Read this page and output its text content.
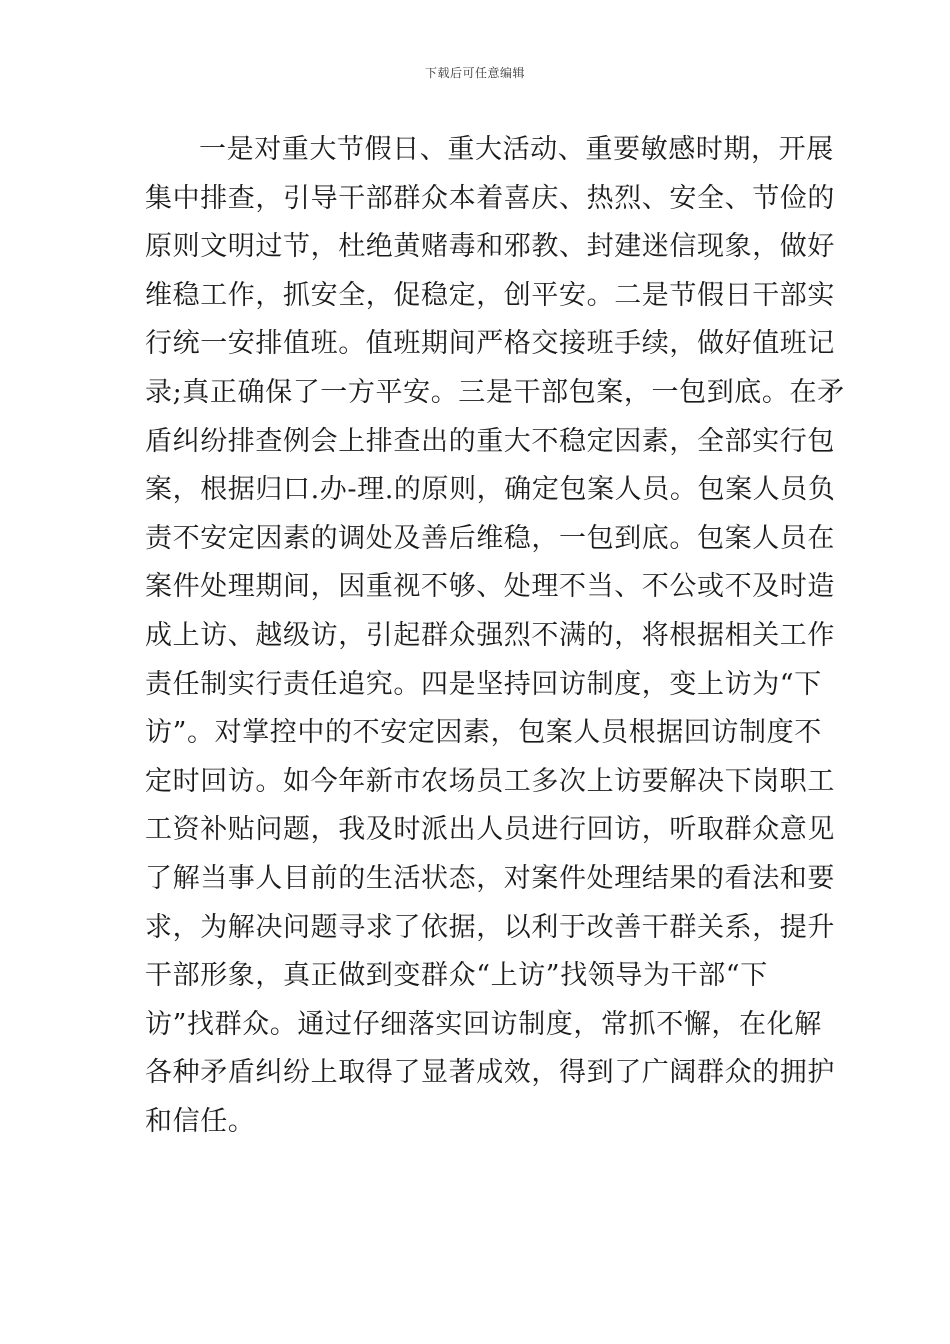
下载后可任意编辑
一是对重大节假日、重大活动、重要敏感时期，开展
集中排查，引导干部群众本着喜庆、热烈、安全、节俭的
原则文明过节，杜绝黄赌毒和邪教、封建迷信现象，做好
维稳工作，抓安全，促稳定，创平安。二是节假日干部实
行统一安排值班。值班期间严格交接班手续，做好值班记
录;真正确保了一方平安。三是干部包案，一包到底。在矛
盾纠纷排查例会上排查出的重大不稳定因素，全部实行包
案，根据归口.办-理.的原则，确定包案人员。包案人员负
责不安定因素的调处及善后维稳，一包到底。包案人员在
案件处理期间，因重视不够、处理不当、不公或不及时造
成上访、越级访，引起群众强烈不满的，将根据相关工作
责任制实行责任追究。四是坚持回访制度，变上访为“下
访”。对掌控中的不安定因素，包案人员根据回访制度不
定时回访。如今年新市农场员工多次上访要解决下岗职工
工资补贴问题，我及时派出人员进行回访，听取群众意见
了解当事人目前的生活状态，对案件处理结果的看法和要
求，为解决问题寻求了依据，以利于改善干群关系，提升
干部形象，真正做到变群众“上访”找领导为干部“下
访”找群众。通过仔细落实回访制度，常抓不懈，在化解
各种矛盾纠纷上取得了显著成效，得到了广阔群众的拥护
和信任。
